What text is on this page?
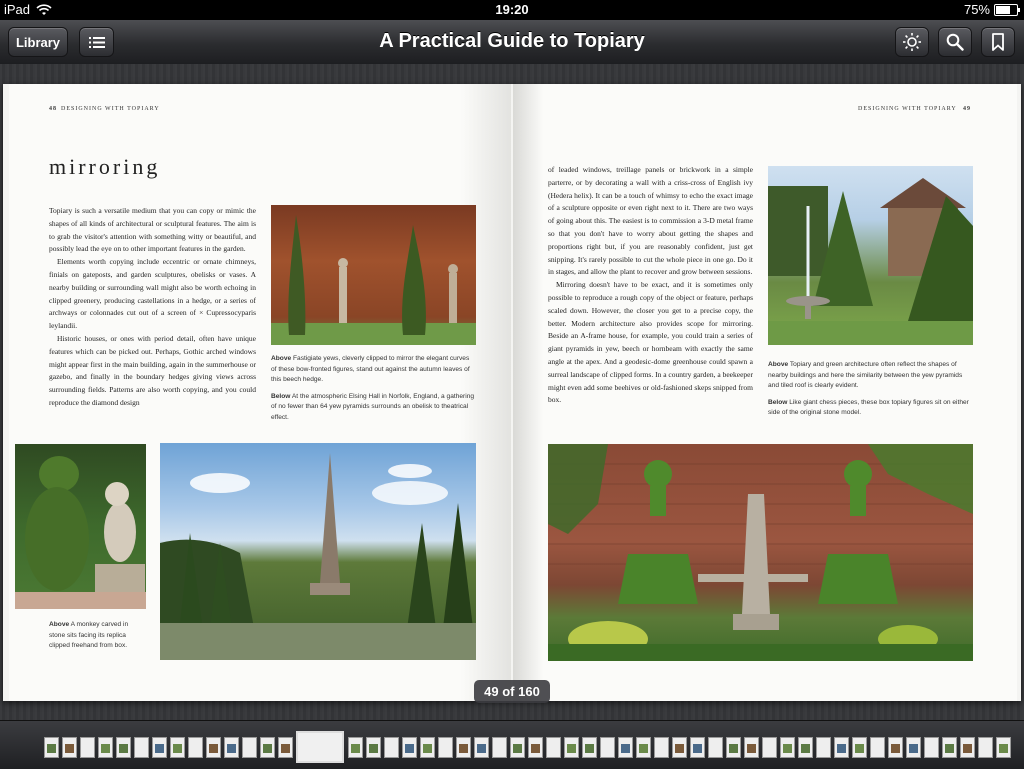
iPad	19:20	75%
Library	A Practical Guide to Topiary
48 DESIGNING WITH TOPIARY
mirroring

Topiary is such a versatile medium that you can copy or mimic the shapes of all kinds of architectural or sculptural features. The aim is to grab the visitor's attention with something witty or beautiful, and possibly lead the eye on to other important features in the garden.

Elements worth copying include eccentric or ornate chimneys, finials on gateposts, and garden sculptures, obelisks or vases. A nearby building or surrounding wall might also be worth echoing in clipped greenery, producing castellations in a hedge, or a series of archways or colonnades cut out of a screen of × Cupressocyparis leylandii.

Historic houses, or ones with period detail, often have unique features which can be picked out. Perhaps, Gothic arched windows might appear first in the main building, again in the summerhouse or gazebo, and finally in the boundary hedges giving views across surrounding fields. Patterns are also worth copying, and you could reproduce the diamond design

Above Fastigiate yews, cleverly clipped to mirror the elegant curves of these bow-fronted figures, stand out against the autumn leaves of this beech hedge.
Below At the atmospheric Elsing Hall in Norfolk, England, a gathering of no fewer than 64 yew pyramids surrounds an obelisk to theatrical effect.
Above A monkey carved in stone sits facing its replica clipped freehand from box.
DESIGNING WITH TOPIARY 49

of leaded windows, treillage panels or brickwork in a simple parterre, or by decorating a wall with a criss-cross of English ivy (Hedera helix). It can be a touch of whimsy to echo the exact image of a sculpture opposite or even right next to it. There are two ways of going about this. The easiest is to commission a 3-D metal frame so that you don't have to worry about getting the shapes and proportions right but, if you are reasonably confident, just get snipping. It's rarely possible to cut the whole piece in one go. Do it in stages, and allow the plant to recover and grow between sessions.

Mirroring doesn't have to be exact, and it is sometimes only possible to reproduce a rough copy of the object or feature, perhaps scaled down. However, the closer you get to a precise copy, the better. Modern architecture also provides scope for mirroring. Beside an A-frame house, for example, you could train a series of giant pyramids in yew, beech or hornbeam with exactly the same angle at the apex. And a geodesic-dome greenhouse could spawn a surreal landscape of clipped forms. In a country garden, a beekeeper might even add some beehives or old-fashioned skeps snipped from box.

Above Topiary and green architecture often reflect the shapes of nearby buildings and here the similarity between the yew pyramids and tiled roof is clearly evident.
Below Like giant chess pieces, these box topiary figures sit on either side of the original stone model.
49 of 160
